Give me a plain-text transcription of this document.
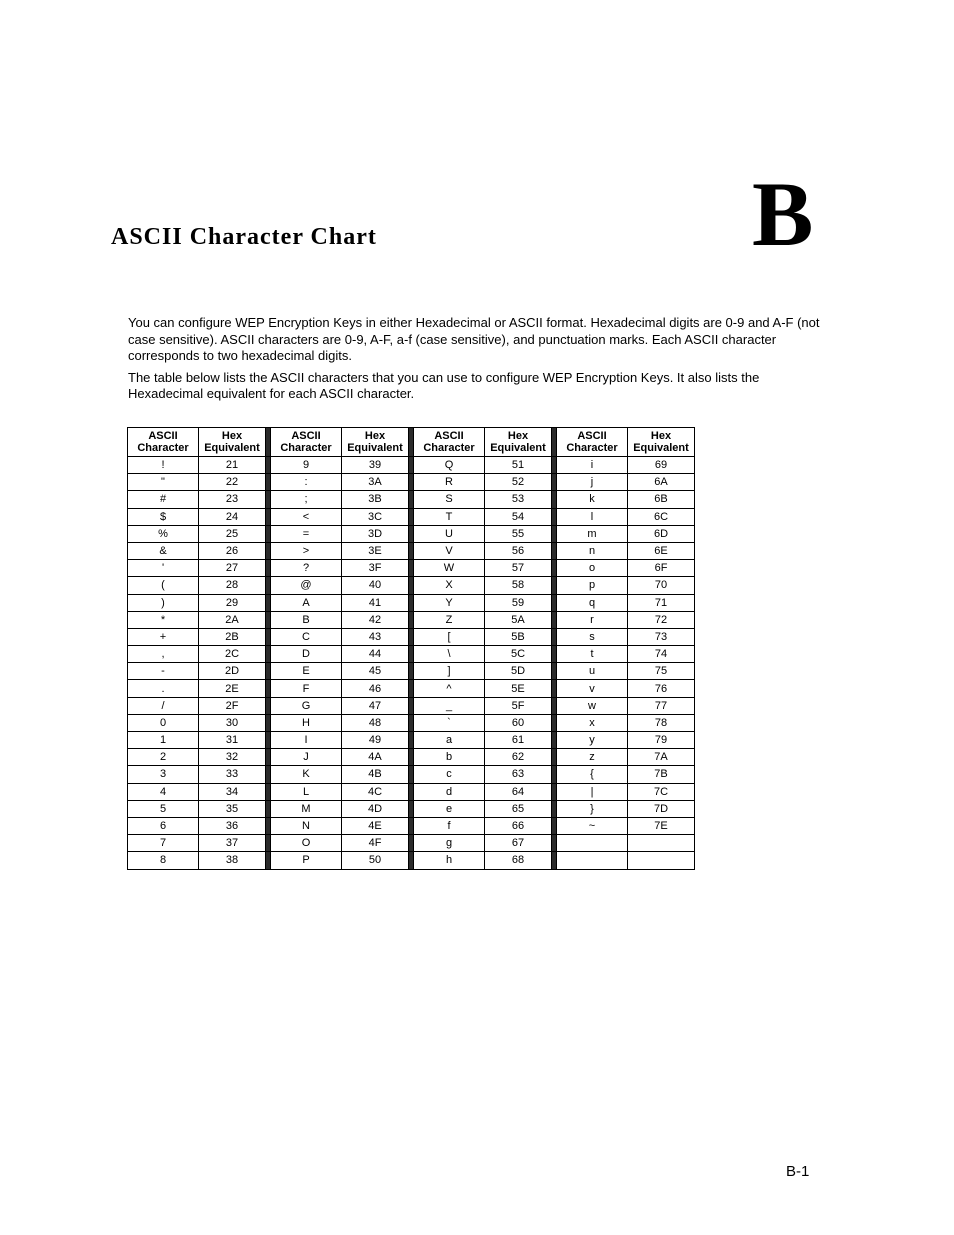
B
ASCII Character Chart

You can configure WEP Encryption Keys in either Hexadecimal or ASCII format. Hexadecimal digits are 0-9 and A-F (not case sensitive). ASCII characters are 0-9, A-F, a-f (case sensitive), and punctuation marks. Each ASCII character corresponds to two hexadecimal digits.

The table below lists the ASCII characters that you can use to configure WEP Encryption Keys. It also lists the Hexadecimal equivalent for each ASCII character.

ASCII
Character	Hex
Equivalent		ASCII
Character	Hex
Equivalent		ASCII
Character	Hex
Equivalent		ASCII
Character	Hex
Equivalent
!	21		9	39		Q	51		i	69
"	22		:	3A		R	52		j	6A
#	23		;	3B		S	53		k	6B
$	24		<	3C		T	54		l	6C
%	25		=	3D		U	55		m	6D
&	26		>	3E		V	56		n	6E
'	27		?	3F		W	57		o	6F
(	28		@	40		X	58		p	70
)	29		A	41		Y	59		q	71
*	2A		B	42		Z	5A		r	72
+	2B		C	43		[	5B		s	73
,	2C		D	44		\	5C		t	74
-	2D		E	45		]	5D		u	75
.	2E		F	46		^	5E		v	76
/	2F		G	47		_	5F		w	77
0	30		H	48		`	60		x	78
1	31		I	49		a	61		y	79
2	32		J	4A		b	62		z	7A
3	33		K	4B		c	63		{	7B
4	34		L	4C		d	64		|	7C
5	35		M	4D		e	65		}	7D
6	36		N	4E		f	66		~	7E
7	37		O	4F		g	67			
8	38		P	50		h	68			
B-1
